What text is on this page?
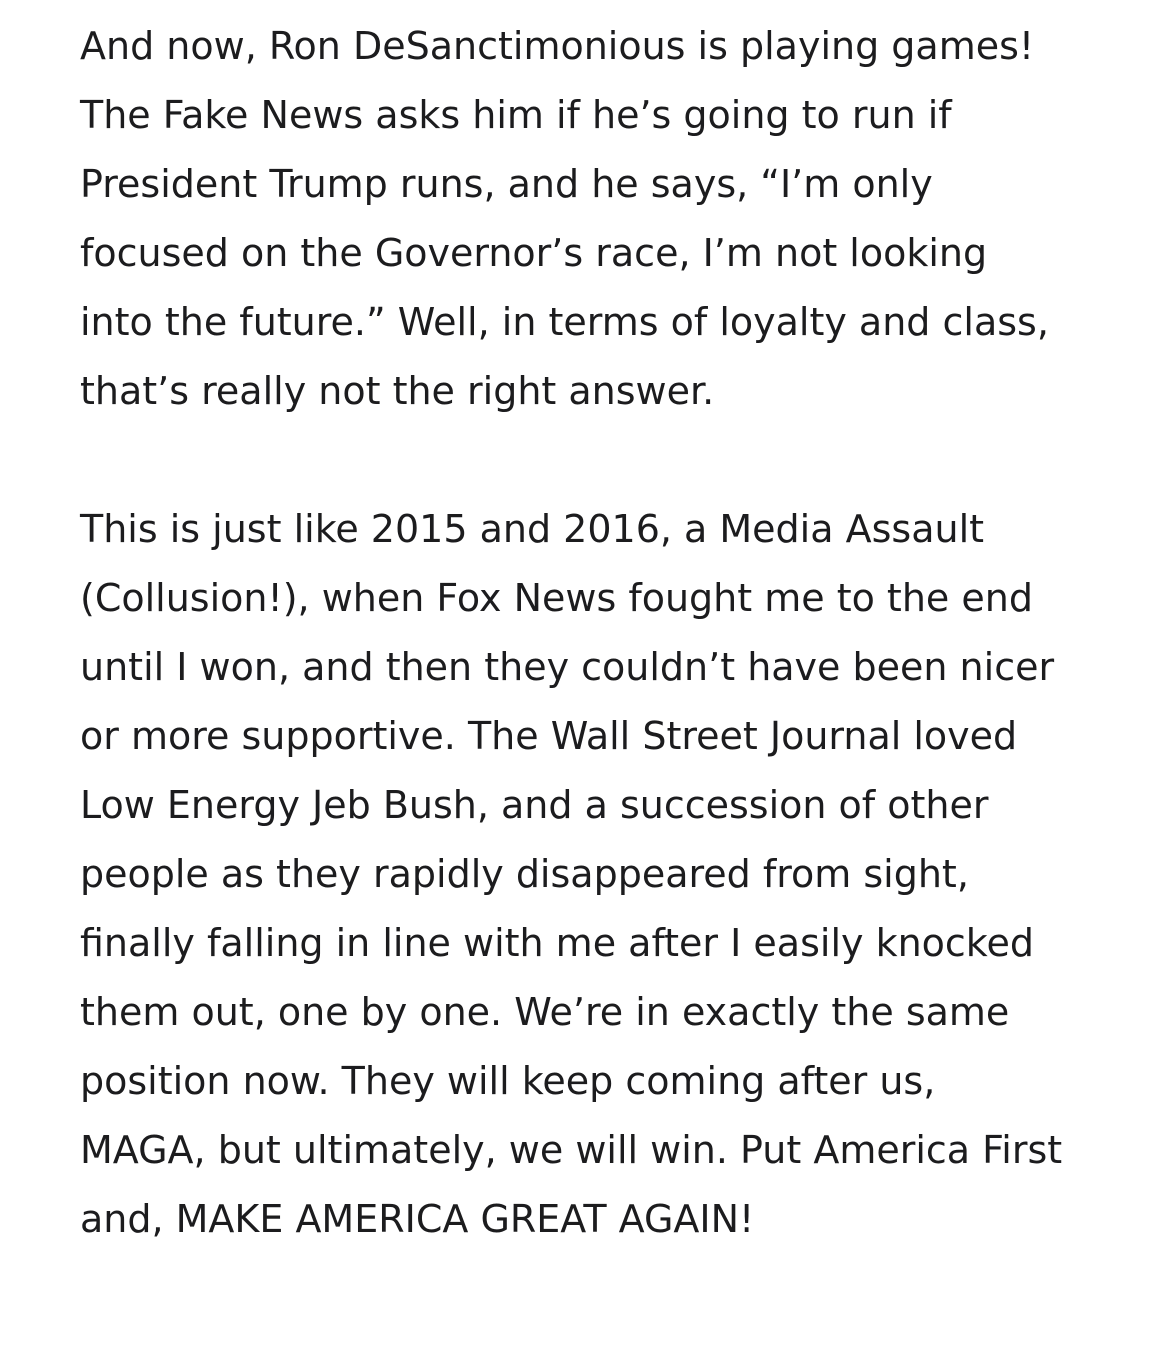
And now, Ron DeSanctimonious is playing games!
The Fake News asks him if he’s going to run if
President Trump runs, and he says, “I’m only
focused on the Governor’s race, I’m not looking
into the future.” Well, in terms of loyalty and class,
that’s really not the right answer.

This is just like 2015 and 2016, a Media Assault
(Collusion!), when Fox News fought me to the end
until I won, and then they couldn’t have been nicer
or more supportive. The Wall Street Journal loved
Low Energy Jeb Bush, and a succession of other
people as they rapidly disappeared from sight,
finally falling in line with me after I easily knocked
them out, one by one. We’re in exactly the same
position now. They will keep coming after us,
MAGA, but ultimately, we will win. Put America First
and, MAKE AMERICA GREAT AGAIN!
